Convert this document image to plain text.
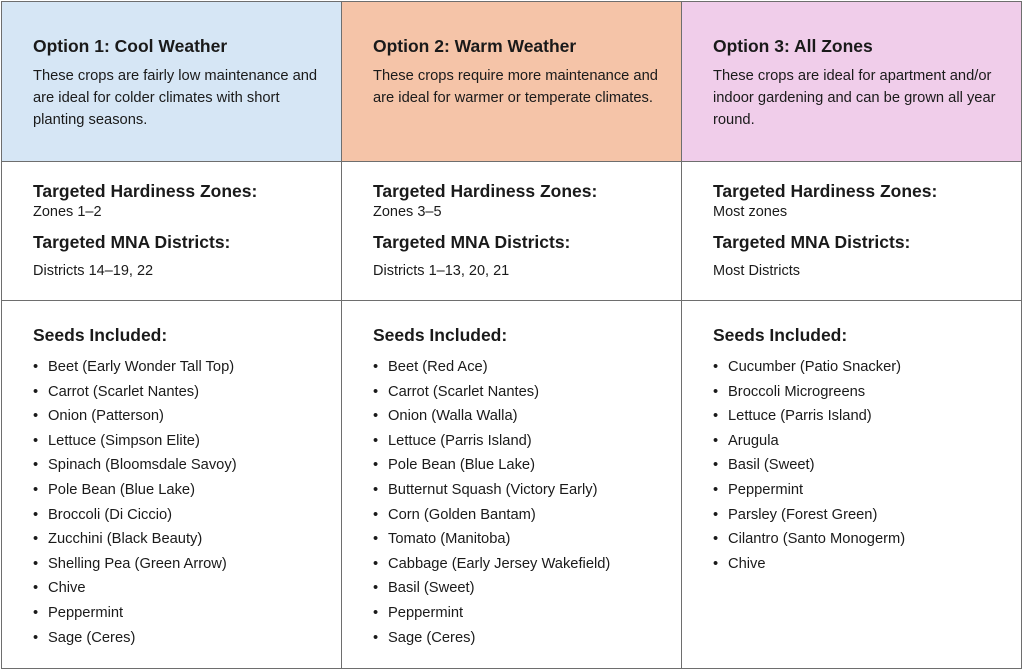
Option 1: Cool Weather

These crops are fairly low maintenance and are ideal for colder climates with short planting seasons.

Option 2: Warm Weather

These crops require more maintenance and are ideal for warmer or temperate climates.

Option 3: All Zones

These crops are ideal for apartment and/or indoor gardening and can be grown all year round.

Targeted Hardiness Zones:

Zones 1–2

Targeted MNA Districts:

Districts 14–19, 22

Targeted Hardiness Zones:

Zones 3–5

Targeted MNA Districts:

Districts 1–13, 20, 21

Targeted Hardiness Zones:

Most zones

Targeted MNA Districts:

Most Districts

Seeds Included:

• Beet (Early Wonder Tall Top)
• Carrot (Scarlet Nantes)
• Onion (Patterson)
• Lettuce (Simpson Elite)
• Spinach (Bloomsdale Savoy)
• Pole Bean (Blue Lake)
• Broccoli (Di Ciccio)
• Zucchini (Black Beauty)
• Shelling Pea (Green Arrow)
• Chive
• Peppermint
• Sage (Ceres)

Seeds Included:

• Beet (Red Ace)
• Carrot (Scarlet Nantes)
• Onion (Walla Walla)
• Lettuce (Parris Island)
• Pole Bean (Blue Lake)
• Butternut Squash (Victory Early)
• Corn (Golden Bantam)
• Tomato (Manitoba)
• Cabbage (Early Jersey Wakefield)
• Basil (Sweet)
• Peppermint
• Sage (Ceres)

Seeds Included:

• Cucumber (Patio Snacker)
• Broccoli Microgreens
• Lettuce (Parris Island)
• Arugula
• Basil (Sweet)
• Peppermint
• Parsley (Forest Green)
• Cilantro (Santo Monogerm)
• Chive
